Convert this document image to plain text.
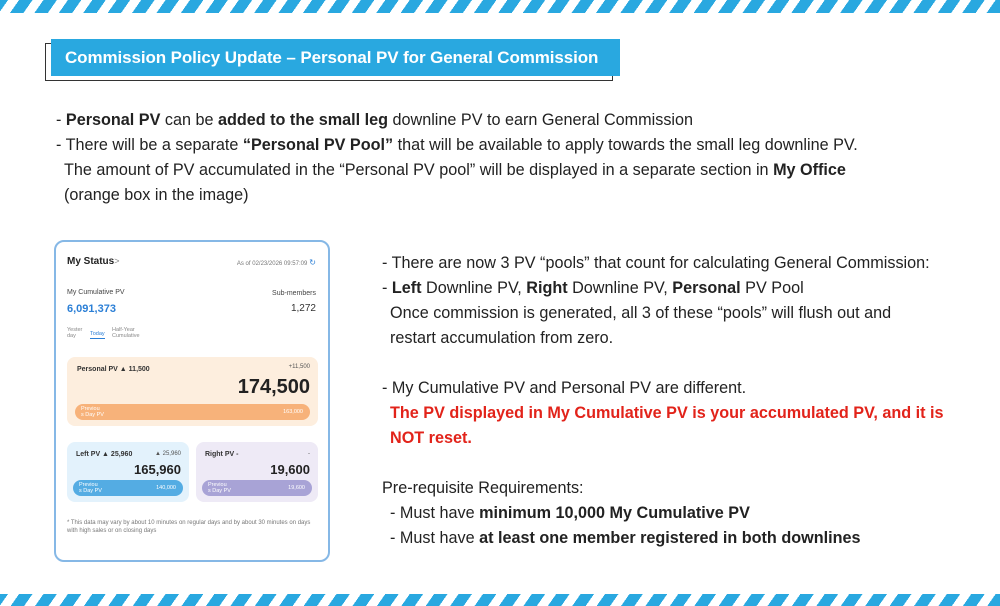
Commission Policy Update – Personal PV for General Commission
- Personal PV can be added to the small leg downline PV to earn General Commission
- There will be a separate “Personal PV Pool” that will be available to apply towards the small leg downline PV.
The amount of PV accumulated in the “Personal PV pool” will be displayed in a separate section in My Office
(orange box in the image)
My Status>	As of 02/23/2026 09:57:09 ↻
My Cumulative PV
6,091,373
Sub-members
1,272
Yester
day	Today
Half-Year
Cumulative
Personal PV ▲ 11,500	+11,500
174,500
Previou
s Day PV	163,000
Left PV ▲ 25,960	▲ 25,960
165,960
Previou
s Day PV	140,000
Right PV -	-
19,600
Previou
s Day PV	19,600
* This data may vary by about 10 minutes on regular days and by about 30 minutes on days with high sales or on closing days
- There are now 3 PV “pools” that count for calculating General Commission:
- Left Downline PV, Right Downline PV, Personal PV Pool
Once commission is generated, all 3 of these “pools” will flush out and
restart accumulation from zero.
- My Cumulative PV and Personal PV are different.
The PV displayed in My Cumulative PV is your accumulated PV, and it is
NOT reset.
Pre-requisite Requirements:
- Must have minimum 10,000 My Cumulative PV
- Must have at least one member registered in both downlines
